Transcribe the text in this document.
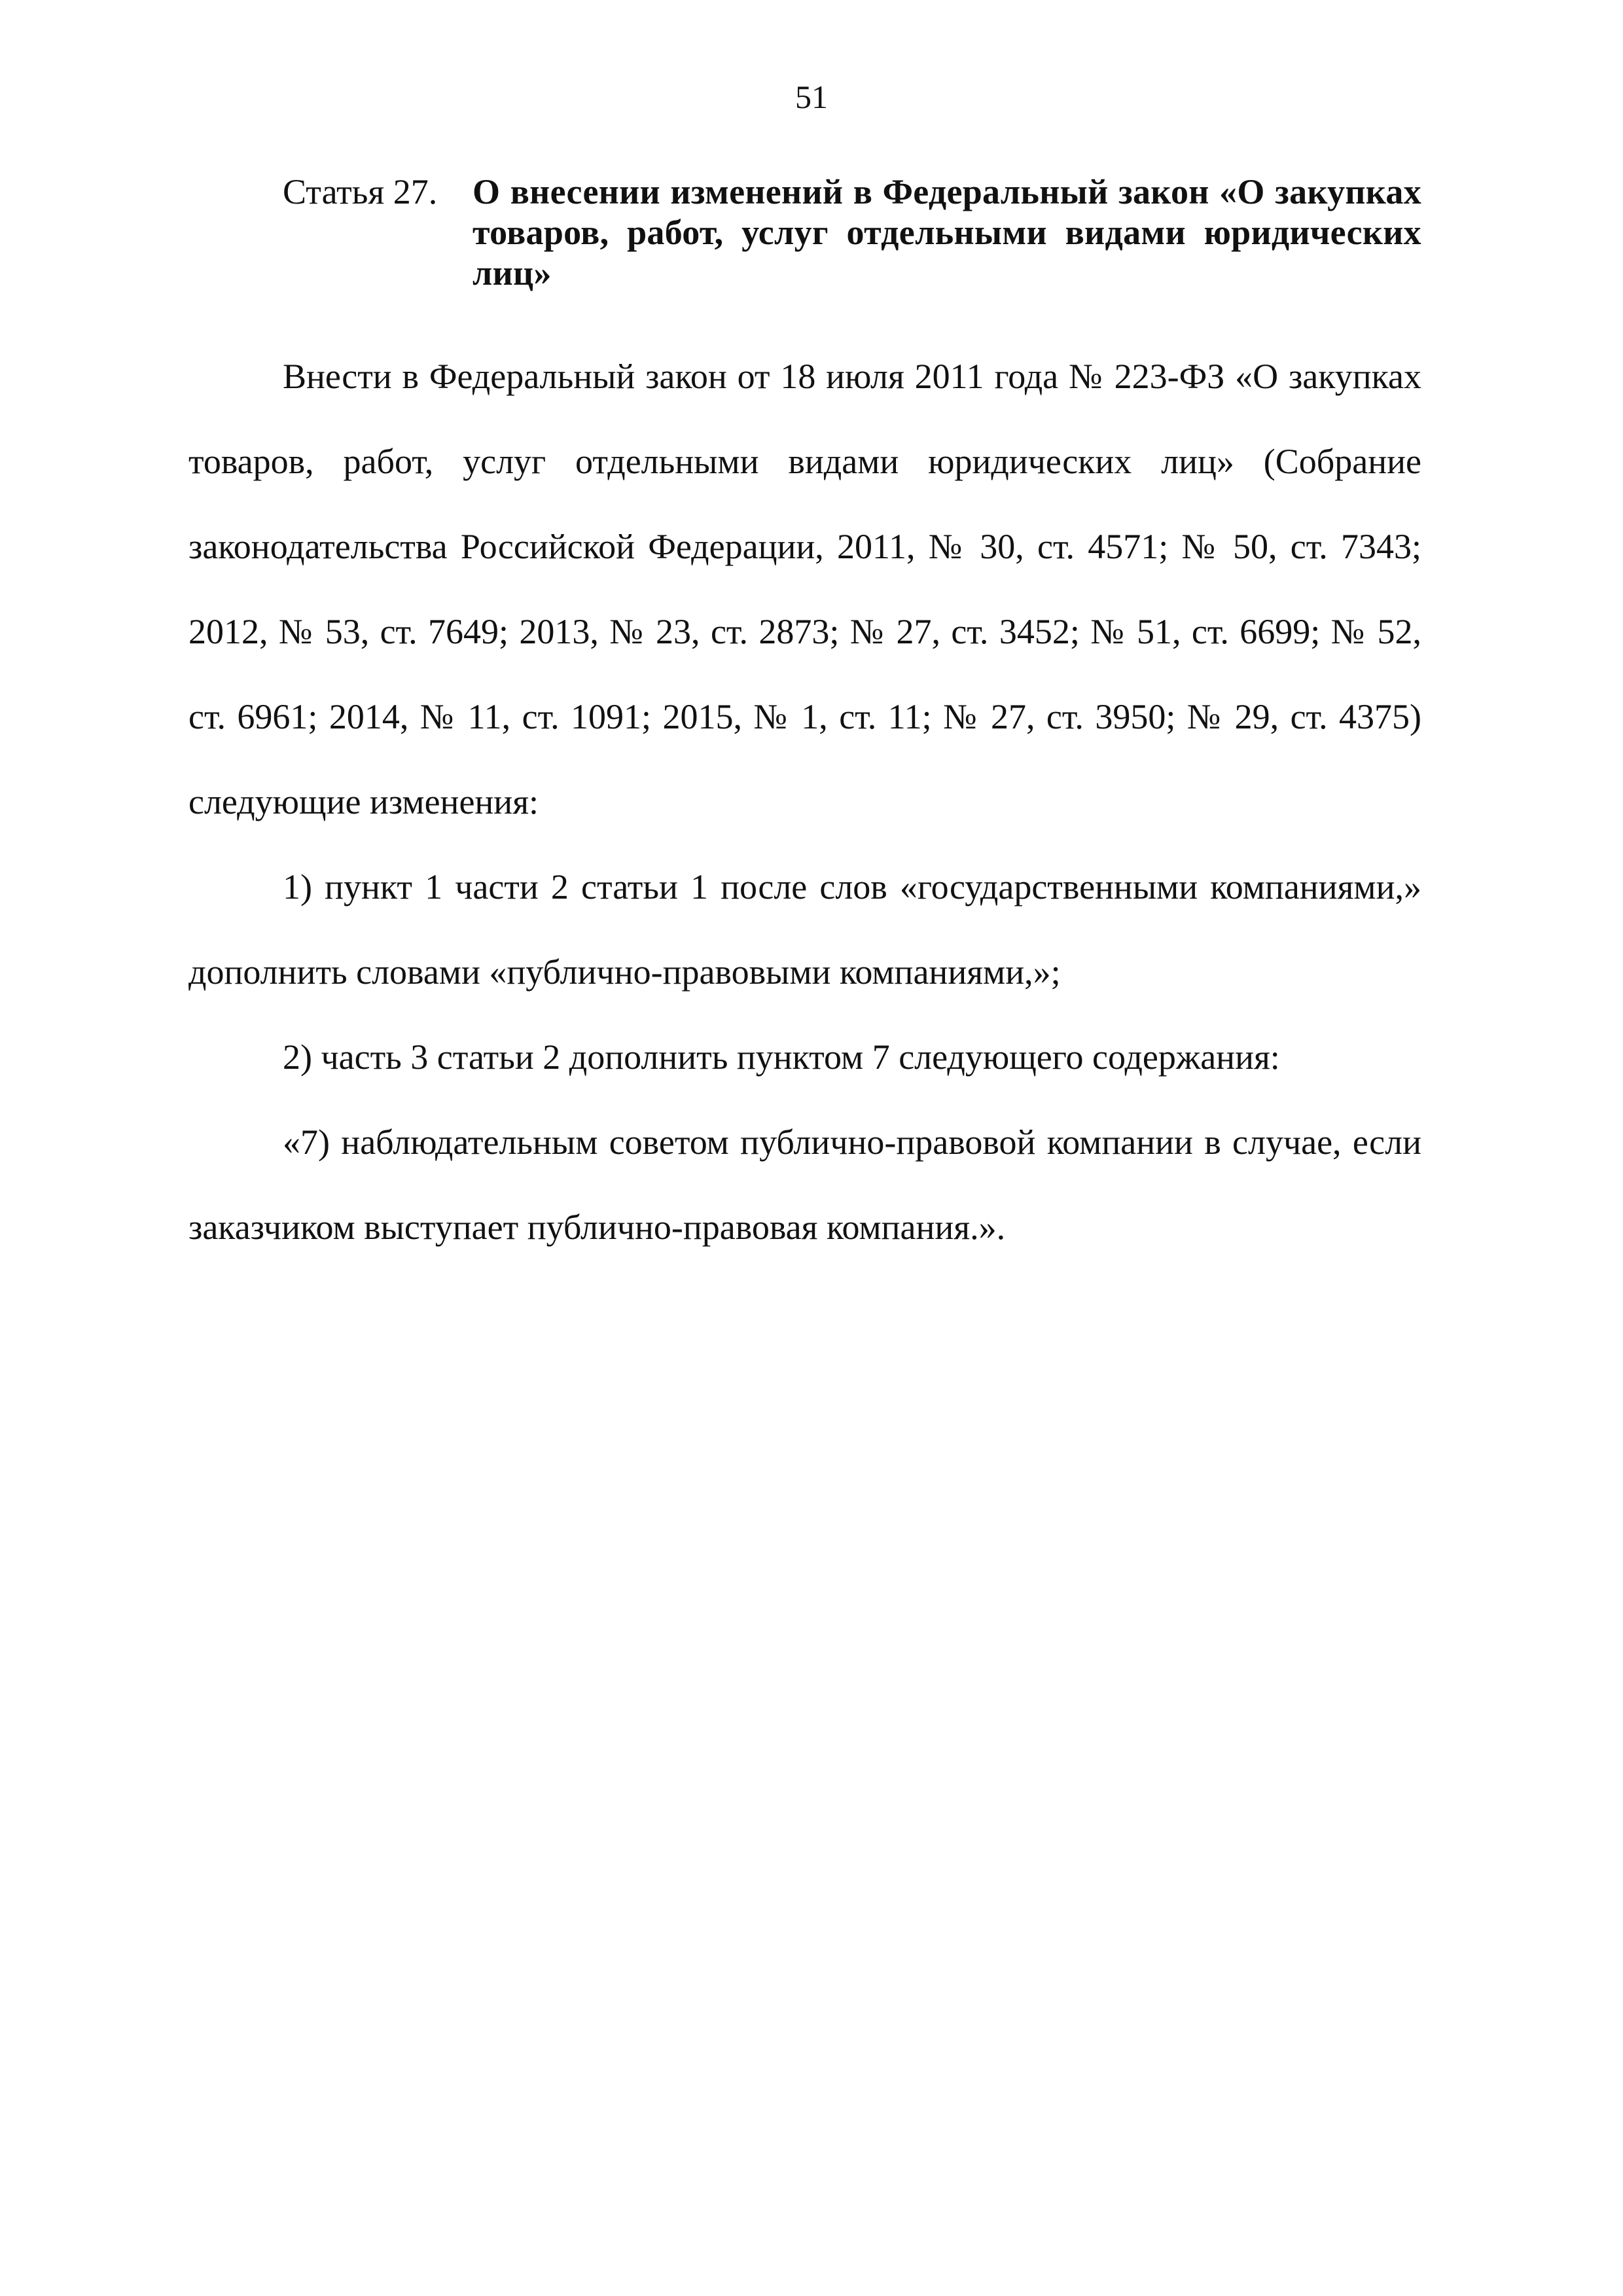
51
Статья 27. О внесении изменений в Федеральный закон «О закупках товаров, работ, услуг отдельными видами юридических лиц»

Внести в Федеральный закон от 18 июля 2011 года № 223-ФЗ «О закупках товаров, работ, услуг отдельными видами юридических лиц» (Собрание законодательства Российской Федерации, 2011, № 30, ст. 4571; № 50, ст. 7343; 2012, № 53, ст. 7649; 2013, № 23, ст. 2873; № 27, ст. 3452; № 51, ст. 6699; № 52, ст. 6961; 2014, № 11, ст. 1091; 2015, № 1, ст. 11; № 27, ст. 3950; № 29, ст. 4375) следующие изменения:

1) пункт 1 части 2 статьи 1 после слов «государственными компаниями,» дополнить словами «публично-правовыми компаниями,»;

2) часть 3 статьи 2 дополнить пунктом 7 следующего содержания:

«7) наблюдательным советом публично-правовой компании в случае, если заказчиком выступает публично-правовая компания.».
